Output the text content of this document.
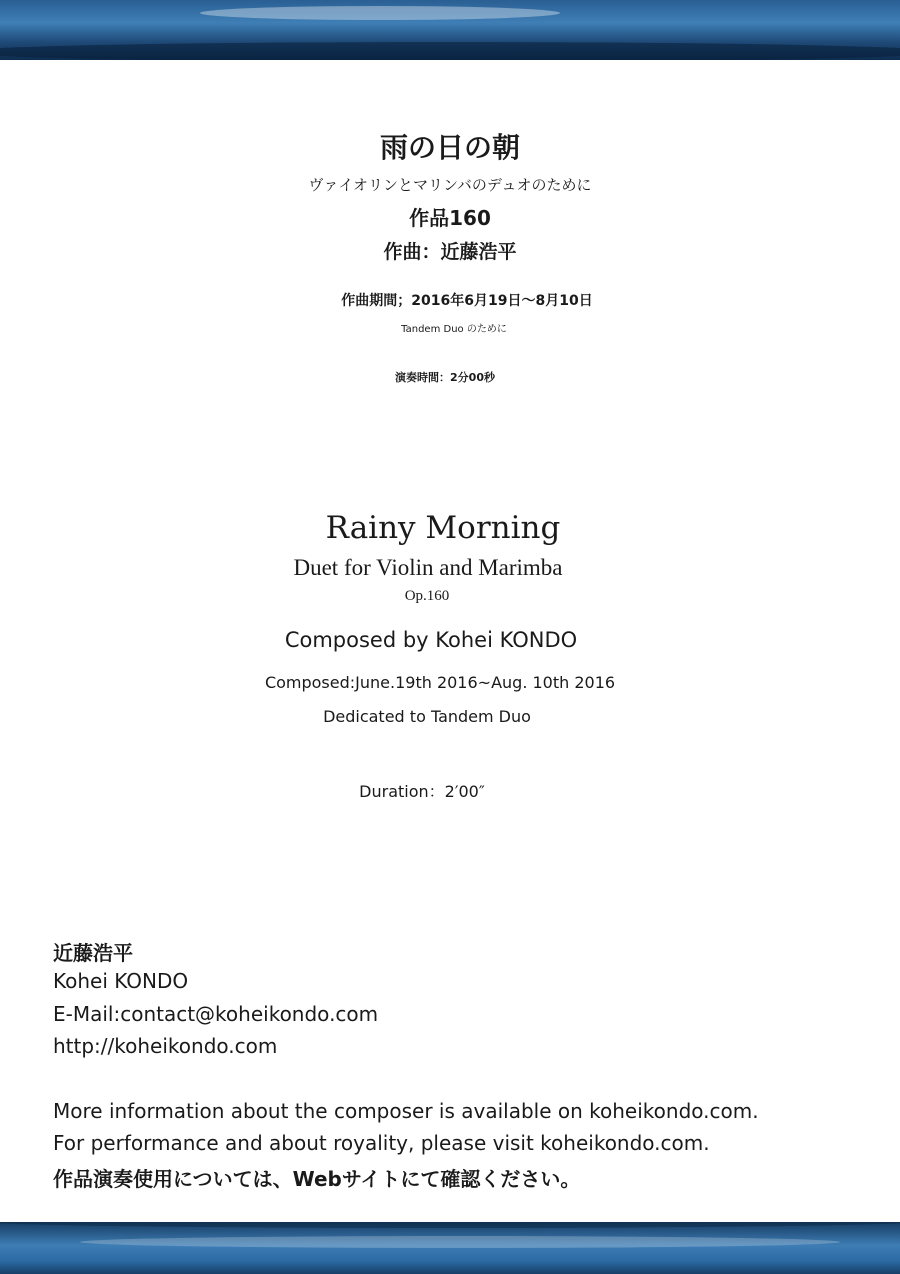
雨の日の朝
ヴァイオリンとマリンバのデュオのために
作品160
作曲：近藤浩平
作曲期間；2016年6月19日〜8月10日
Tandem Duo のために
演奏時間：2分00秒
Rainy Morning
Duet for Violin and Marimba
Op.160
Composed by Kohei KONDO
Composed:June.19th 2016~Aug. 10th 2016
Dedicated to Tandem Duo
Duration：2′00″
近藤浩平
Kohei KONDO
E-Mail:contact@koheikondo.com
http://koheikondo.com
More information about the composer is available on koheikondo.com.
For performance and about royality, please visit koheikondo.com.
作品演奏使用については、Webサイトにて確認ください。
